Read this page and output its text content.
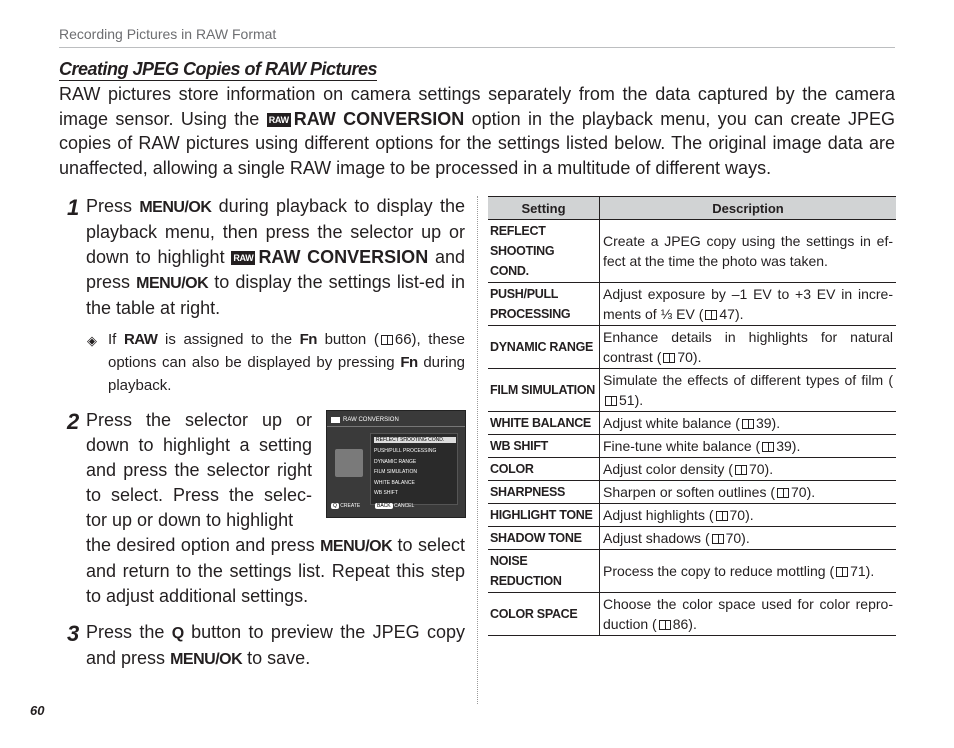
Recording Pictures in RAW Format
Creating JPEG Copies of RAW Pictures
RAW pictures store information on camera settings separately from the data captured by the camera image sensor. Using the RAW RAW CONVERSION option in the playback menu, you can create JPEG copies of RAW pictures using different options for the settings listed below. The original image data are unaffected, allowing a single RAW image to be processed in a multitude of different ways.
1 Press MENU/OK during playback to display the playback menu, then press the selector up or down to highlight RAW RAW CONVERSION and press MENU/OK to display the settings list-ed in the table at right.
◈ If RAW is assigned to the Fn button ( 66), these options can also be displayed by pressing Fn during playback.
2 Press the selector up or down to highlight a setting and press the selector right to select. Press the selec-tor up or down to highlight
the desired option and press MENU/OK to select and return to the settings list. Repeat this step to adjust additional settings.
RAW CONVERSION
REFLECT SHOOTING COND.
PUSH/PULL PROCESSING
DYNAMIC RANGE
FILM SIMULATION
WHITE BALANCE
WB SHIFT
Q CREATE	BACK CANCEL
3 Press the Q button to preview the JPEG copy and press MENU/OK to save.
Setting	Description
REFLECT SHOOTING COND.	Create a JPEG copy using the settings in ef-fect at the time the photo was taken.
PUSH/PULL PROCESSING	Adjust exposure by –1 EV to +3 EV in incre-ments of ⅓ EV ( 47).
DYNAMIC RANGE	Enhance details in highlights for natural contrast ( 70).
FILM SIMULATION	Simulate the effects of different types of film (51).
WHITE BALANCE	Adjust white balance ( 39).
WB SHIFT	Fine-tune white balance ( 39).
COLOR	Adjust color density ( 70).
SHARPNESS	Sharpen or soften outlines ( 70).
HIGHLIGHT TONE	Adjust highlights ( 70).
SHADOW TONE	Adjust shadows ( 70).
NOISE REDUCTION	Process the copy to reduce mottling ( 71).
COLOR SPACE	Choose the color space used for color repro-duction ( 86).
60
